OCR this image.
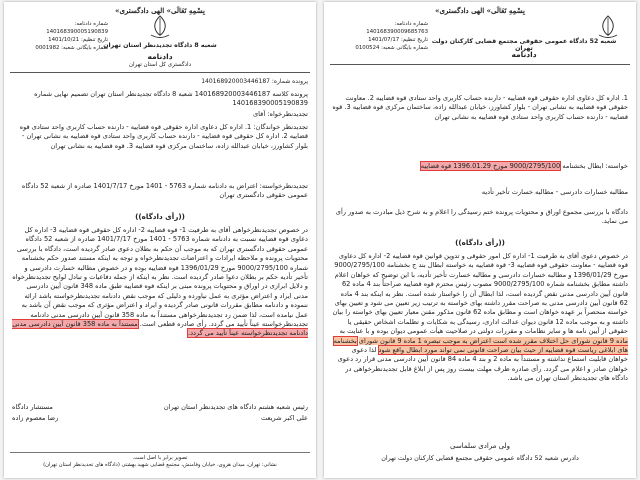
«بِسْمِهِ تَعَالَى» الهی دادگستری
شماره دادنامه: 140168390005190839
تاریخ تنظیم: 1401/10/21
شماره بایگانی شعبه: 0001982	شعبه 8 دادگاه تجدیدنظر استان تهران
دادنامه
دادگستری کل استان تهران
پرونده شماره: 140168920003446187
پرونده کلاسه 140168920003446187 شعبه 8 دادگاه تجدیدنظر استان تهران تصمیم نهایی شماره 140168390005190839
تجدیدنظرخواه: آقای
تجدیدنظر خواندگان: 1. اداره کل دعاوی اداره حقوقی قوه قضاییه - دارنده حساب کاربری واحد ستادی قوه قضاییه 2. اداره کل حقوقی قوه قضاییه - دارنده حساب کاربری واحد ستادی قوه قضاییه به نشانی تهران - بلوار کشاورز، خیابان عبدالله زاده، ساختمان مرکزی قوه قضاییه 3. قوه قضاییه به نشانی تهران
تجدیدنظرخواسته: اعتراض به دادنامه شماره 5763 - 1401 مورخ 1401/7/17 صادره از شعبه 52 دادگاه عمومی حقوقی دادگستری تهران
((رأی دادگاه))
در خصوص تجدیدنظرخواهی آقای به طرفیت 1- قوه قضاییه 2- اداره کل حقوقی قوه قضاییه 3- اداره کل دعاوی قوه قضاییه نسبت به دادنامه شماره 5763 - 1401 مورخ 1401/7/17 صادره از شعبه 52 دادگاه عمومی حقوقی دادگستری تهران که به موجب آن حکم به بطلان دعوی صادر گردیده است، دادگاه با بررسی محتویات پرونده و ملاحظه ایرادات و اعتراضات تجدیدنظرخواه و توجه به اینکه مستند صدور حکم بخشنامه شماره 9000/2795/100 مورخ 1396/01/29 قوه قضاییه بوده و در خصوص مطالبه خسارت دادرسی و تأخیر تأدیه حکم بر بطلان دعوا صادر گردیده است. نظر به اینکه از جمله دفاعیات و تبادل لوایح تجدیدنظرخواه و دلایل ابرازی در اوراق و محتویات پرونده مبنی بر اینکه قوه قضاییه طبق ماده 348 قانون آیین دادرسی مدنی ایراد و اعتراض مؤثری به عمل نیاورده و دلیلی که موجب نقض دادنامه تجدیدنظرخواسته باشد ارائه ننموده و دادنامه مطابق مقررات قانونی صادر گردیده و ایراد و اعتراض مؤثری که موجب نقض آن باشد به عمل نیامده است، لذا ضمن رد تجدیدنظرخواهی مستنداً به ماده 358 قانون آیین دادرسی مدنی دادنامه تجدیدنظرخواسته عیناً تأیید می گردد. رأی صادره قطعی است. مستنداً به ماده 358 قانون آیین دادرسی مدنی دادنامه تجدیدنظرخواسته عیناً تأیید می گردد.
رئیس شعبه هشتم دادگاه های تجدیدنظر استان تهران
مستشار دادگاه
علی اکبر شریعت
رضا معصوم زاده
تصویر برابر با اصل است.
نشانی: تهران، میدان هروی، خیابان وفامنش، مجتمع قضایی شهید بهشتی (دادگاه های تجدیدنظر استان تهران)
«بِسْمِهِ تَعَالَى» الهی دادگستری
شماره دادنامه: 140168390009685763
تاریخ تنظیم: 1401/07/17
شماره بایگانی شعبه: 0100524
شعبه 52 دادگاه عمومی حقوقی مجتمع قضایی کارکنان دولت تهران
دادنامه
1. اداره کل دعاوی اداره حقوقی قوه قضاییه - دارنده حساب کاربری واحد ستادی قوه قضاییه 2. معاونت حقوقی قوه قضاییه به نشانی تهران - بلوار کشاورز، خیابان عبدالله زاده، ساختمان مرکزی قوه قضاییه 3. قوه قضاییه - دارنده حساب کاربری واحد ستادی قوه قضاییه به نشانی تهران
خواسته: ابطال بخشنامه 9000/2795/100 مورخ 1396.01.29 قوه قضاییه
مطالبه خسارات دادرسی - مطالبه خسارت تأخیر تأدیه
دادگاه با بررسی مجموع اوراق و محتویات پرونده ختم رسیدگی را اعلام و به شرح ذیل مبادرت به صدور رأی می نماید.
((رأی دادگاه))
در خصوص دعوی آقای به طرفیت 1- اداره کل امور حقوقی و تدوین قوانین قوه قضاییه 2- اداره کل دعاوی قوه قضاییه - معاونت حقوقی قوه قضاییه 3- قوه قضاییه به خواسته ابطال بند ج بخشنامه 9000/2795/100 مورخ 1396/01/29 و مطالبه خسارات دادرسی و مطالبه خسارت تأخیر تأدیه، با این توضیح که خواهان اعلام داشته مطابق بخشنامه شماره 9000/2795/100 مصوب رئیس محترم قوه قضاییه صراحتاً بند 4 ماده 62 قانون آیین دادرسی مدنی نقض گردیده است، لذا ابطال آن را خواستار شده است. نظر به اینکه بند 4 ماده 62 قانون آیین دادرسی مدنی به صراحت مقرر داشته بهای خواسته به ترتیب زیر تعیین می شود و تعیین بهای خواسته منحصراً بر عهده خواهان است و مطابق ماده 62 قانون مذکور مقنن معیار تعیین بهای خواسته را بیان داشته و به موجب ماده 12 قانون دیوان عدالت اداری، رسیدگی به شکایات و تظلمات اشخاص حقیقی یا حقوقی از آیین نامه ها و سایر نظامات و مقررات دولتی در صلاحیت هیأت عمومی دیوان بوده و با عنایت به ماده 9 قانون شورای حل اختلاف مقرر شده است اعتراض به موجب تبصره 1 ماده 9 قانون شورای بخشنامه های ابلاغی ریاست قوه قضاییه از حیث بیان صراحت قانونی نمی تواند مورد ابطال واقع شود لذا دعوی خواهان قابلیت استماع نداشته و مستنداً به ماده 2 و بند 4 ماده 84 قانون آیین دادرسی مدنی قرار رد دعوی خواهان صادر و اعلام می گردد. رأی صادره ظرف مهلت بیست روز پس از ابلاغ قابل تجدیدنظرخواهی در دادگاه های تجدیدنظر استان تهران می باشد.
ولی مرادی سلماسی
دادرس شعبه 52 دادگاه عمومی حقوقی مجتمع قضایی کارکنان دولت تهران
